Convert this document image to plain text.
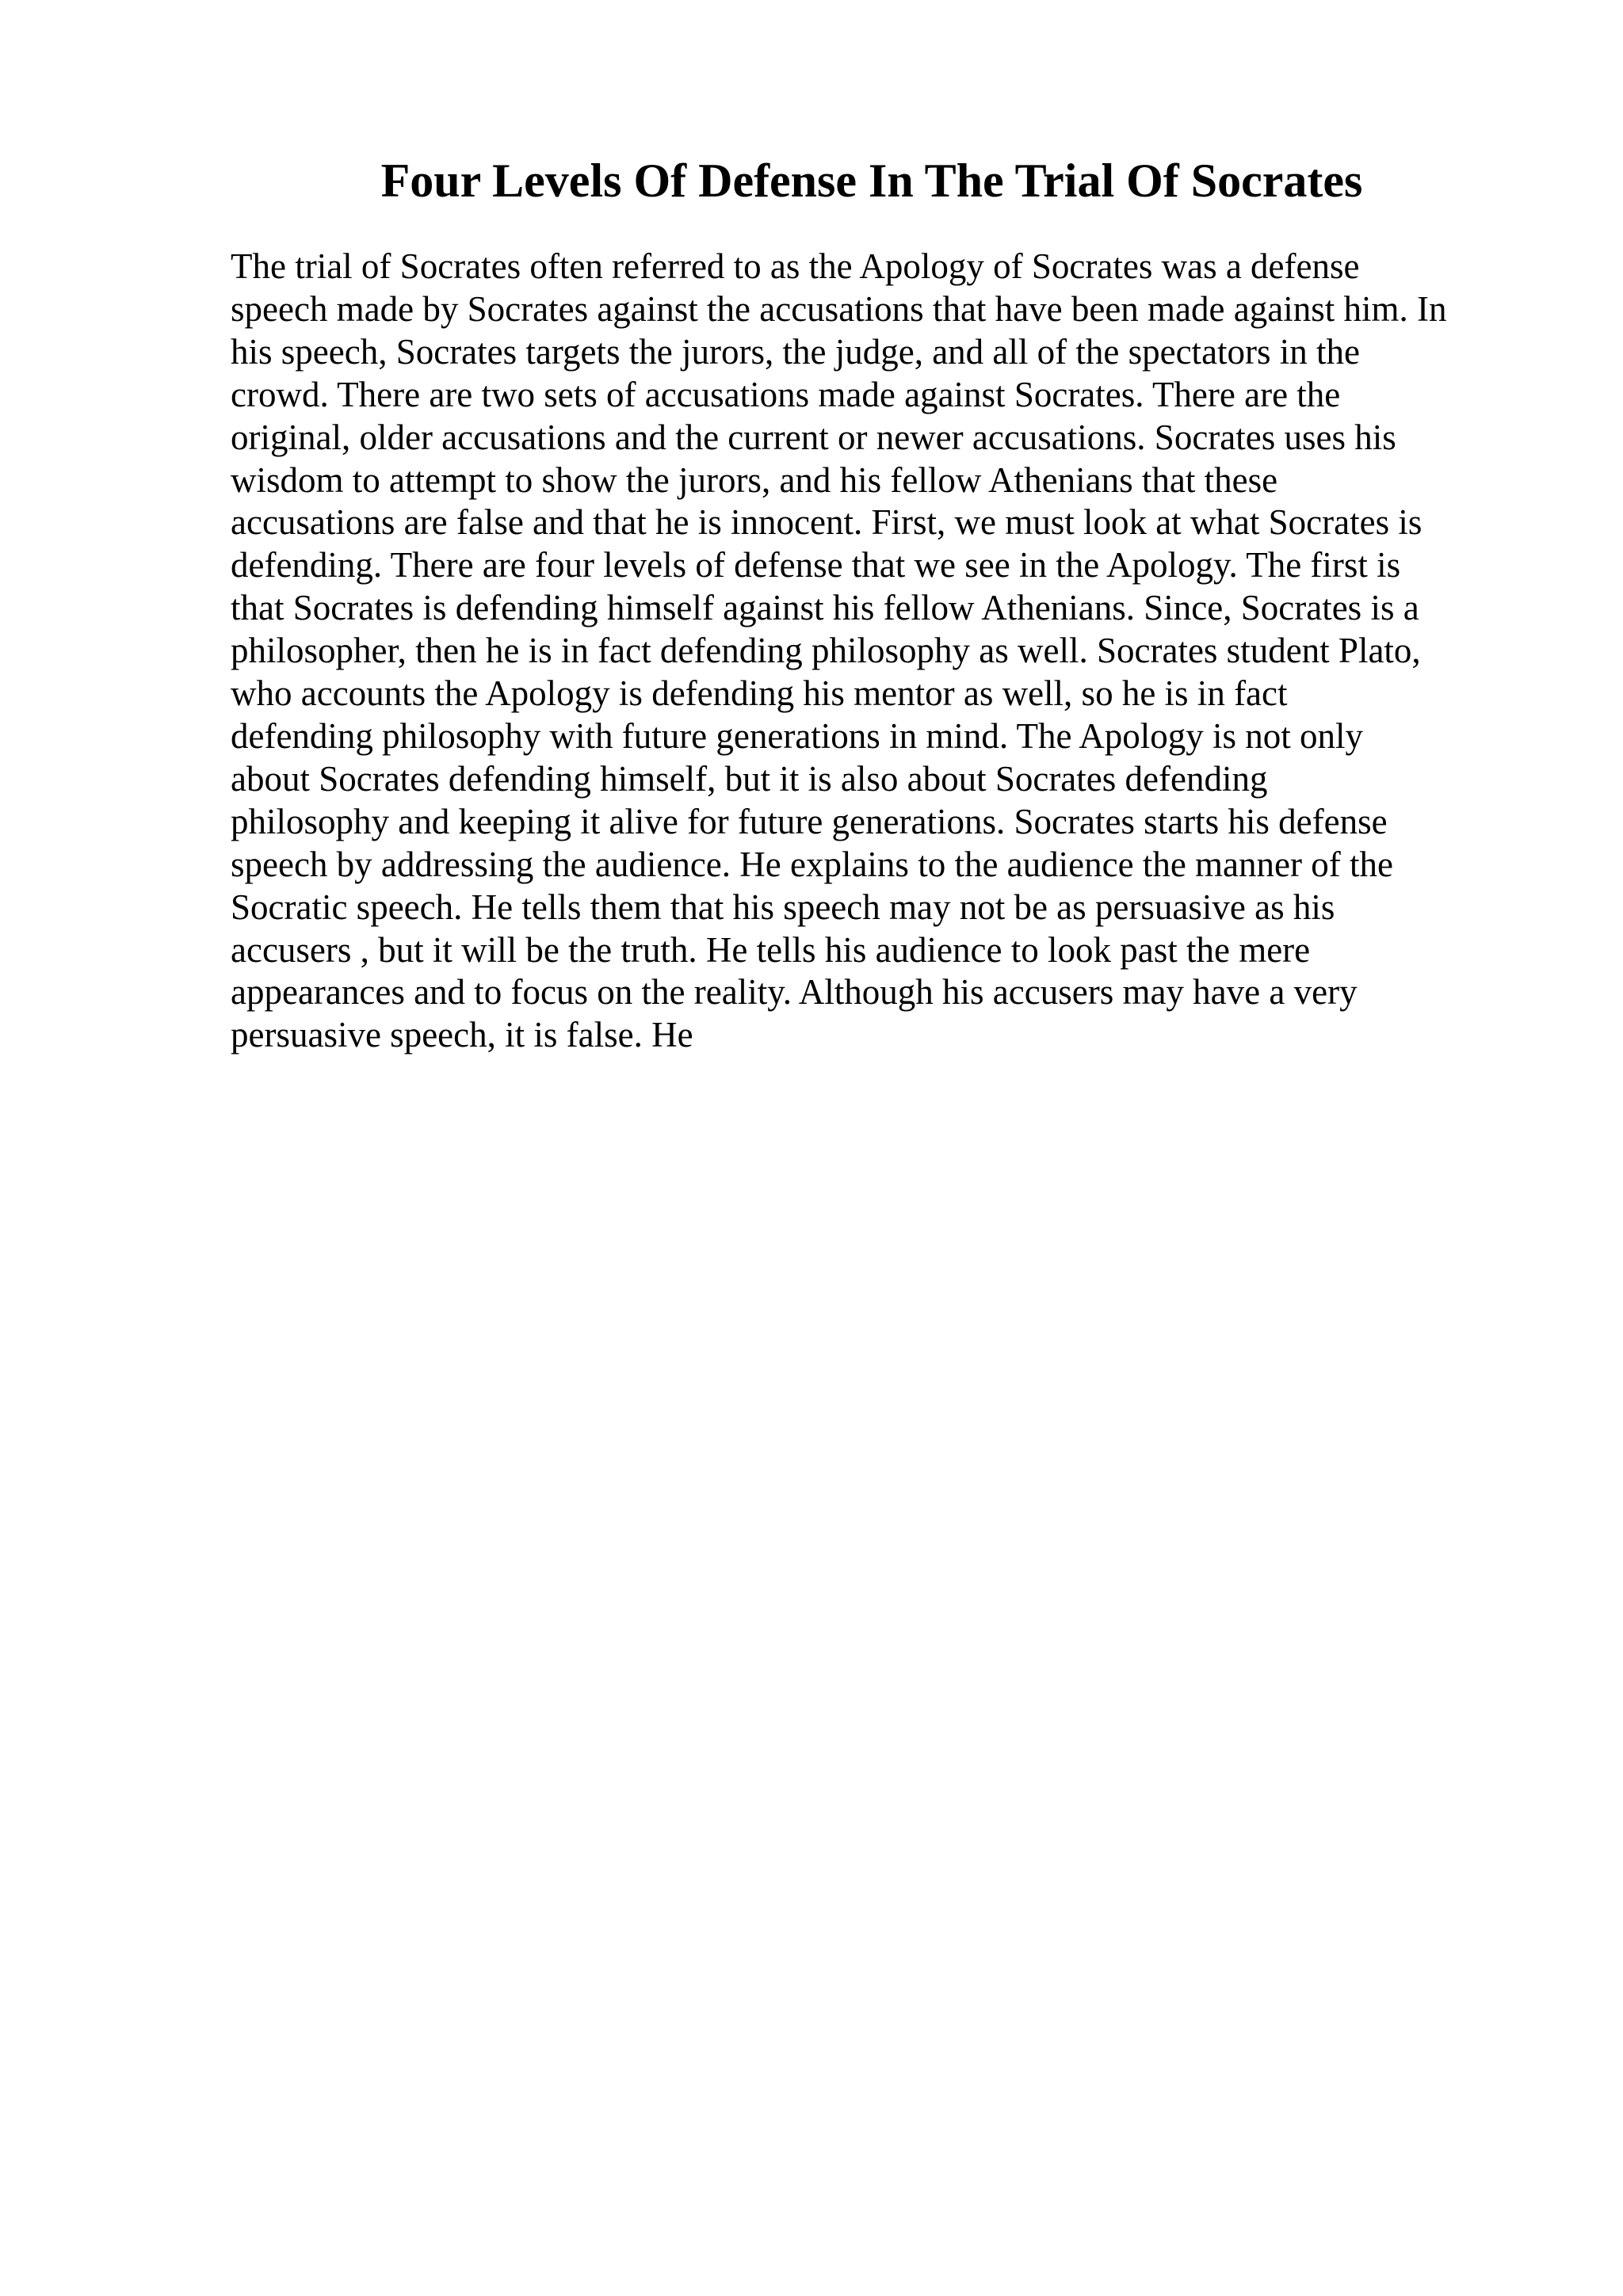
Four Levels Of Defense In The Trial Of Socrates
The trial of Socrates often referred to as the Apology of Socrates was a defense
speech made by Socrates against the accusations that have been made against him. In
his speech, Socrates targets the jurors, the judge, and all of the spectators in the
crowd. There are two sets of accusations made against Socrates. There are the
original, older accusations and the current or newer accusations. Socrates uses his
wisdom to attempt to show the jurors, and his fellow Athenians that these
accusations are false and that he is innocent. First, we must look at what Socrates is
defending. There are four levels of defense that we see in the Apology. The first is
that Socrates is defending himself against his fellow Athenians. Since, Socrates is a
philosopher, then he is in fact defending philosophy as well. Socrates student Plato,
who accounts the Apology is defending his mentor as well, so he is in fact
defending philosophy with future generations in mind. The Apology is not only
about Socrates defending himself, but it is also about Socrates defending
philosophy and keeping it alive for future generations. Socrates starts his defense
speech by addressing the audience. He explains to the audience the manner of the
Socratic speech. He tells them that his speech may not be as persuasive as his
accusers , but it will be the truth. He tells his audience to look past the mere
appearances and to focus on the reality. Although his accusers may have a very
persuasive speech, it is false. He
